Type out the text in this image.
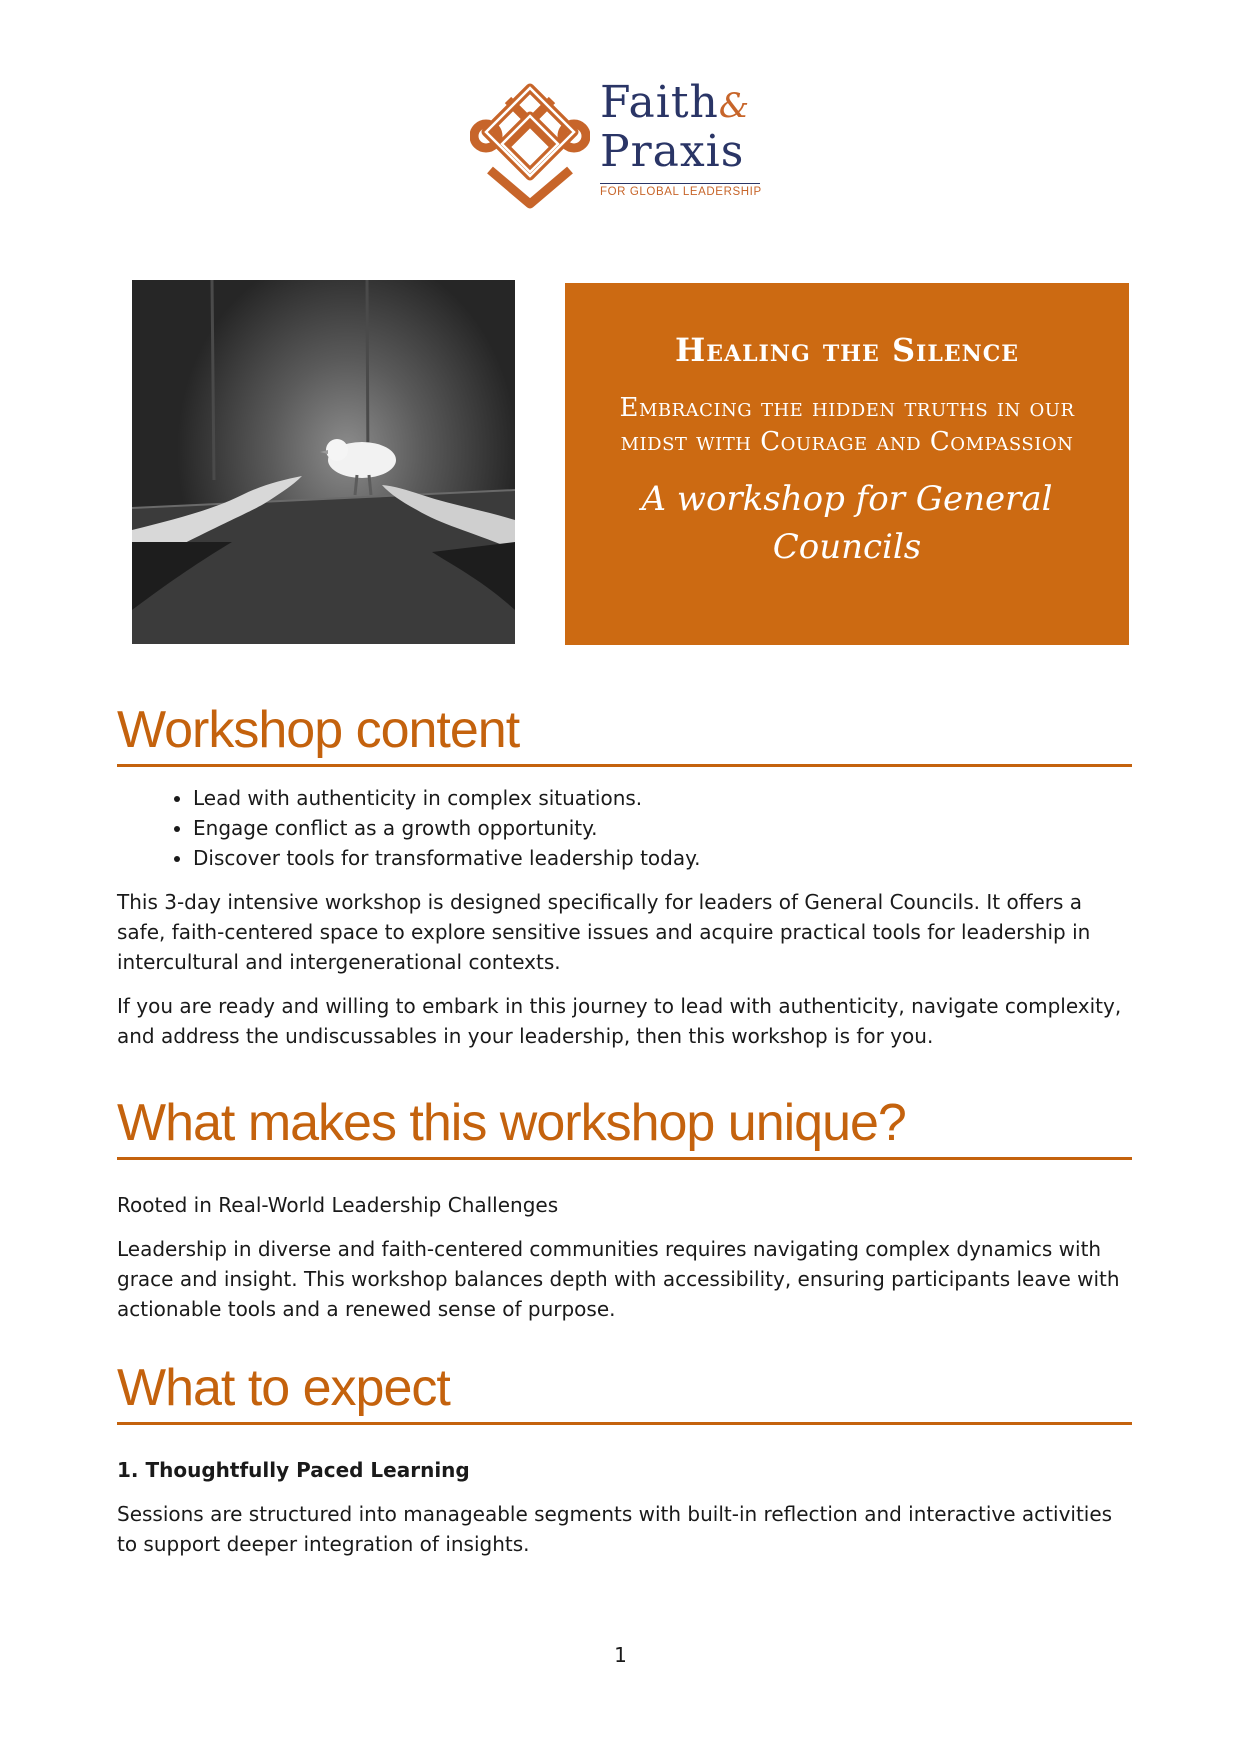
Faith&
Praxis
FOR GLOBAL LEADERSHIP
Healing the Silence
Embracing the hidden truths in our midst with Courage and Compassion
A workshop for General Councils
Workshop content
• Lead with authenticity in complex situations.
• Engage conflict as a growth opportunity.
• Discover tools for transformative leadership today.

This 3-day intensive workshop is designed specifically for leaders of General Councils. It offers a safe, faith-centered space to explore sensitive issues and acquire practical tools for leadership in intercultural and intergenerational contexts.

If you are ready and willing to embark in this journey to lead with authenticity, navigate complexity, and address the undiscussables in your leadership, then this workshop is for you.

What makes this workshop unique?

Rooted in Real-World Leadership Challenges

Leadership in diverse and faith-centered communities requires navigating complex dynamics with grace and insight. This workshop balances depth with accessibility, ensuring participants leave with actionable tools and a renewed sense of purpose.

What to expect

1. Thoughtfully Paced Learning

Sessions are structured into manageable segments with built-in reflection and interactive activities to support deeper integration of insights.

1
